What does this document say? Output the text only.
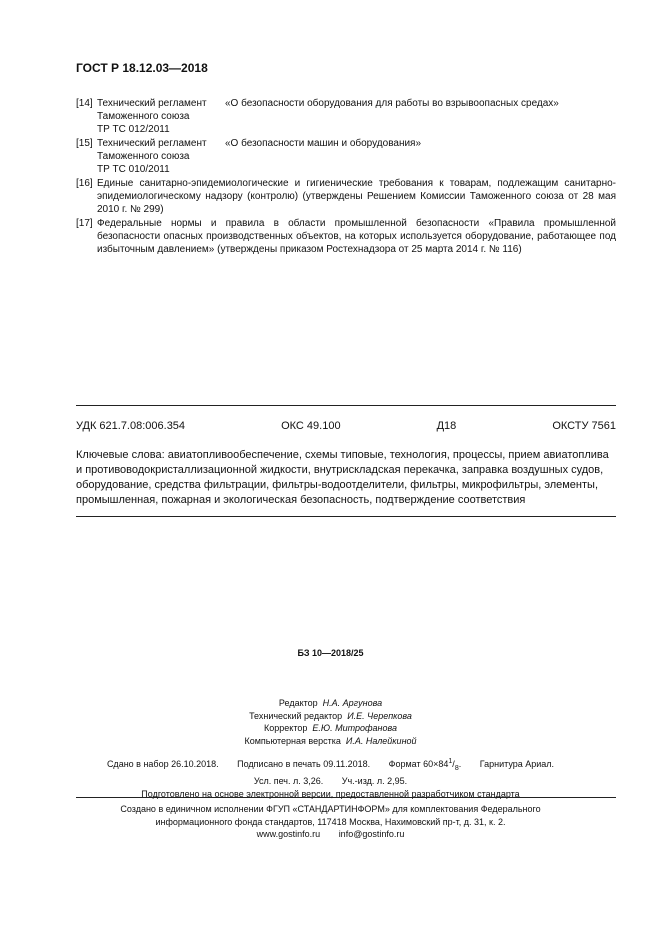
ГОСТ Р 18.12.03—2018
[14] Технический регламент
Таможенного союза
ТР ТС 012/2011
«О безопасности оборудования для работы во взрывоопасных средах»
[15] Технический регламент
Таможенного союза
ТР ТС 010/2011
«О безопасности машин и оборудования»
[16] Единые санитарно-эпидемиологические и гигиенические требования к товарам, подлежащим санитарно-эпидемиологическому надзору (контролю) (утверждены Решением Комиссии Таможенного союза от 28 мая 2010 г. № 299)
[17] Федеральные нормы и правила в области промышленной безопасности «Правила промышленной безопасности опасных производственных объектов, на которых используется оборудование, работающее под избыточным давлением» (утверждены приказом Ростехнадзора от 25 марта 2014 г. № 116)
УДК 621.7.08:006.354	ОКС 49.100	Д18	ОКСТУ 7561
Ключевые слова: авиатопливообеспечение, схемы типовые, технология, процессы, прием авиатоплива и противоводокристаллизационной жидкости, внутрискладская перекачка, заправка воздушных судов, оборудование, средства фильтрации, фильтры-водоотделители, фильтры, микрофильтры, элементы, промышленная, пожарная и экологическая безопасность, подтверждение соответствия
БЗ 10—2018/25
Редактор Н.А. Аргунова
Технический редактор И.Е. Черепкова
Корректор Е.Ю. Митрофанова
Компьютерная верстка И.А. Налейкиной
Сдано в набор 26.10.2018. Подписано в печать 09.11.2018. Формат $60\times 84^1/_8$. Гарнитура Ариал.
Усл. печ. л. 3,26. Уч.-изд. л. 2,95.
Подготовлено на основе электронной версии, предоставленной разработчиком стандарта
Создано в единичном исполнении ФГУП «СТАНДАРТИНФОРМ» для комплектования Федерального
информационного фонда стандартов, 117418 Москва, Нахимовский пр-т, д. 31, к. 2.
www.gostinfo.ru info@gostinfo.ru
